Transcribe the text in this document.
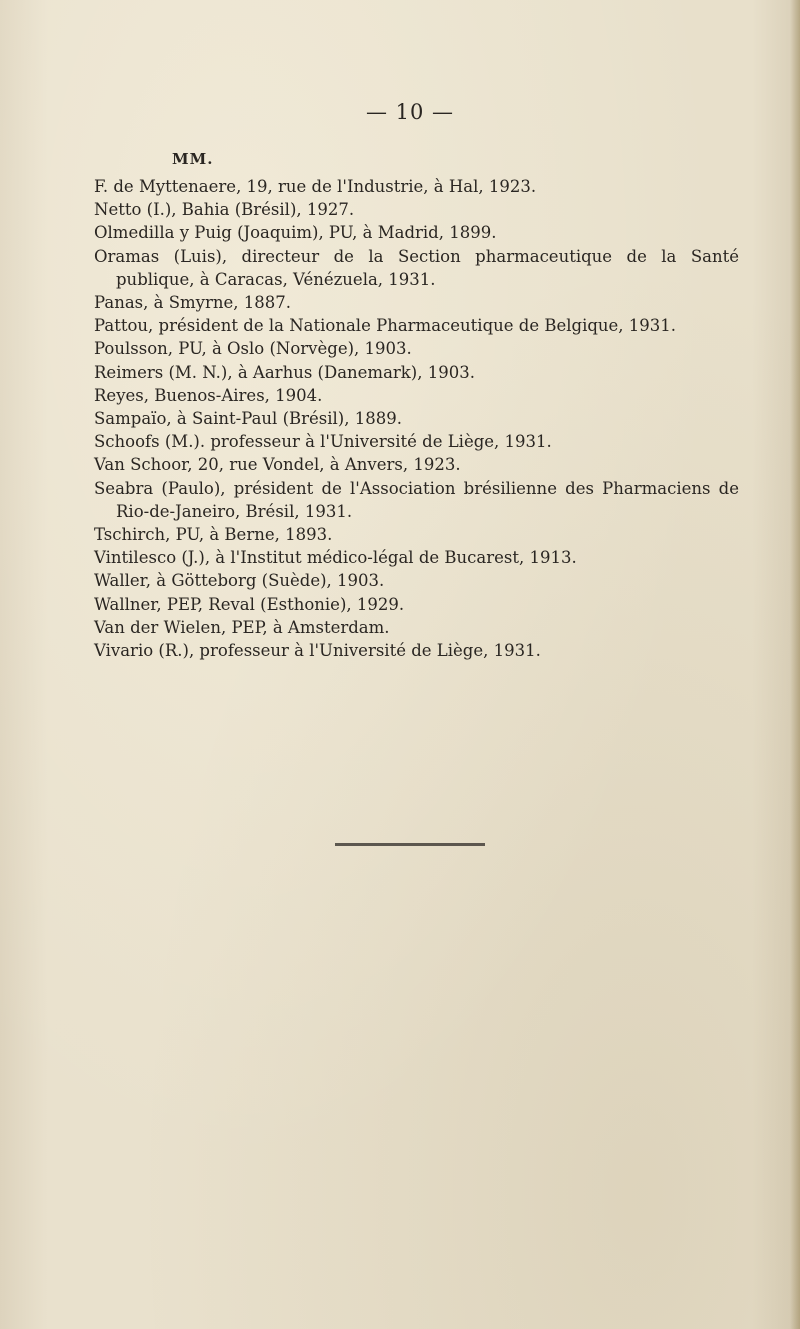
— 10 —
MM.
F. de Myttenaere, 19, rue de l'Industrie, à Hal, 1923.
Netto (I.), Bahia (Brésil), 1927.
Olmedilla y Puig (Joaquim), PU, à Madrid, 1899.
Oramas (Luis), directeur de la Section pharmaceutique de la Santé publique, à Caracas, Vénézuela, 1931.
Panas, à Smyrne, 1887.
Pattou, président de la Nationale Pharmaceutique de Belgique, 1931.
Poulsson, PU, à Oslo (Norvège), 1903.
Reimers (M. N.), à Aarhus (Danemark), 1903.
Reyes, Buenos-Aires, 1904.
Sampaïo, à Saint-Paul (Brésil), 1889.
Schoofs (M.). professeur à l'Université de Liège, 1931.
Van Schoor, 20, rue Vondel, à Anvers, 1923.
Seabra (Paulo), président de l'Association brésilienne des Pharmaciens de Rio-de-Janeiro, Brésil, 1931.
Tschirch, PU, à Berne, 1893.
Vintilesco (J.), à l'Institut médico-légal de Bucarest, 1913.
Waller, à Götteborg (Suède), 1903.
Wallner, PEP, Reval (Esthonie), 1929.
Van der Wielen, PEP, à Amsterdam.
Vivario (R.), professeur à l'Université de Liège, 1931.
